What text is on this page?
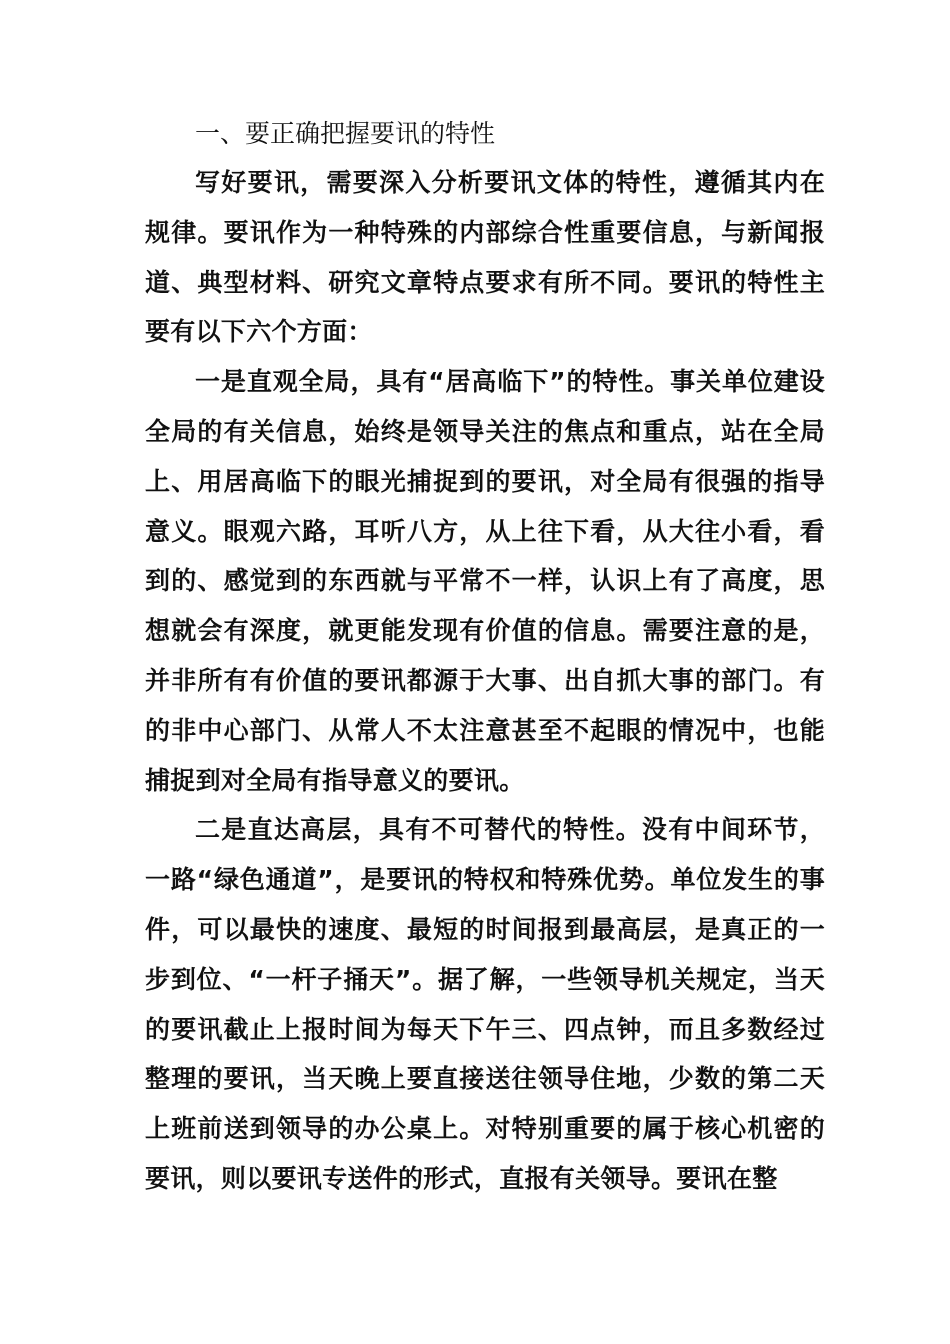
一、要正确把握要讯的特性

写好要讯，需要深入分析要讯文体的特性，遵循其内在规律。要讯作为一种特殊的内部综合性重要信息，与新闻报道、典型材料、研究文章特点要求有所不同。要讯的特性主要有以下六个方面：

一是直观全局，具有“居高临下”的特性。事关单位建设全局的有关信息，始终是领导关注的焦点和重点，站在全局上、用居高临下的眼光捕捉到的要讯，对全局有很强的指导意义。眼观六路，耳听八方，从上往下看，从大往小看，看到的、感觉到的东西就与平常不一样，认识上有了高度，思想就会有深度，就更能发现有价值的信息。需要注意的是，并非所有有价值的要讯都源于大事、出自抓大事的部门。有的非中心部门、从常人不太注意甚至不起眼的情况中，也能捕捉到对全局有指导意义的要讯。

二是直达高层，具有不可替代的特性。没有中间环节，一路“绿色通道”，是要讯的特权和特殊优势。单位发生的事件，可以最快的速度、最短的时间报到最高层，是真正的一步到位、“一杆子捅天”。据了解，一些领导机关规定，当天的要讯截止上报时间为每天下午三、四点钟，而且多数经过整理的要讯，当天晚上要直接送往领导住地，少数的第二天上班前送到领导的办公桌上。对特别重要的属于核心机密的要讯，则以要讯专送件的形式，直报有关领导。要讯在整
